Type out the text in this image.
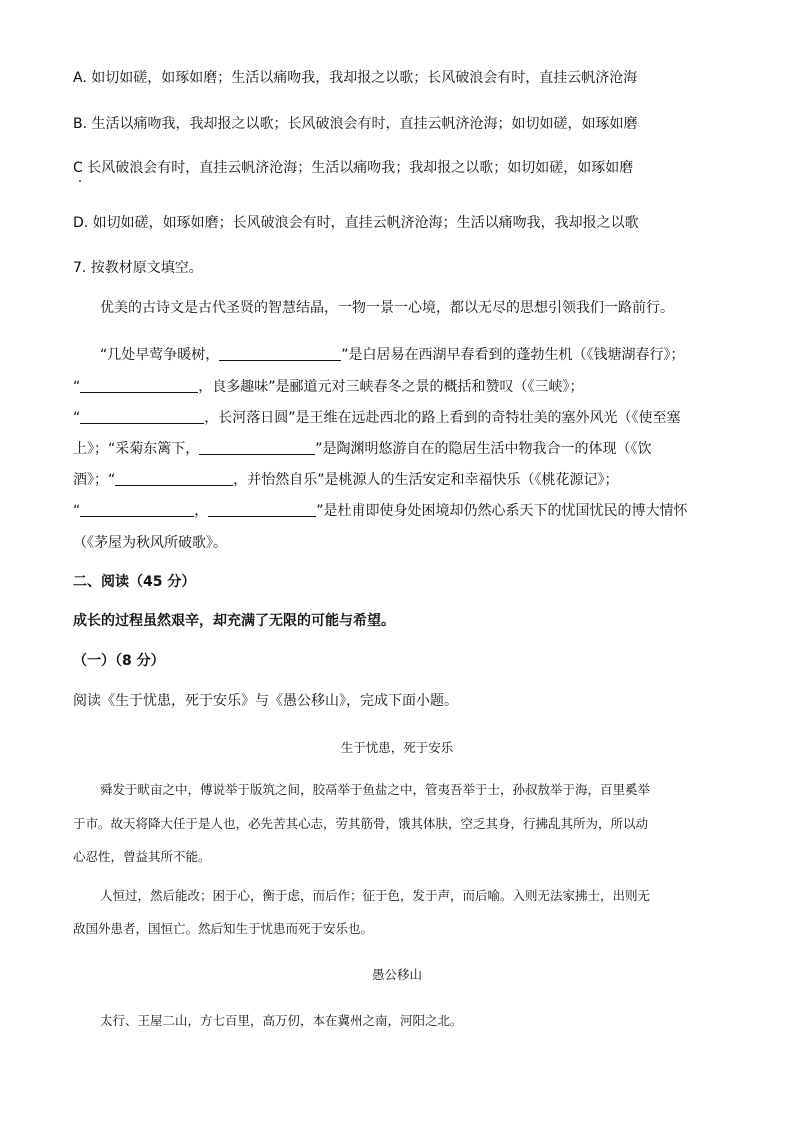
A. 如切如磋，如琢如磨；生活以痛吻我，我却报之以歌；长风破浪会有时，直挂云帆济沧海
B. 生活以痛吻我，我却报之以歌；长风破浪会有时，直挂云帆济沧海；如切如磋，如琢如磨
C 长风破浪会有时，直挂云帆济沧海；生活以痛吻我；我却报之以歌；如切如磋，如琢如磨
D. 如切如磋，如琢如磨；长风破浪会有时，直挂云帆济沧海；生活以痛吻我，我却报之以歌
7. 按教材原文填空。
优美的古诗文是古代圣贤的智慧结晶，一物一景一心境，都以无尽的思想引领我们一路前行。
“几处早莺争暖树，	”是白居易在西湖早春看到的蓬勃生机（《钱塘湖春行》；
“	，良多趣味”是郦道元对三峡春冬之景的概括和赞叹（《三峡》；
“	，长河落日圆”是王维在远赴西北的路上看到的奇特壮美的塞外风光（《使至塞
上》；“采菊东篱下，	”是陶渊明悠游自在的隐居生活中物我合一的体现（《饮
酒》；“	，并怡然自乐”是桃源人的生活安定和幸福快乐（《桃花源记》；
“	，	”是杜甫即使身处困境却仍然心系天下的忧国忧民的博大情怀
（《茅屋为秋风所破歌》。
二、阅读（45 分）
成长的过程虽然艰辛，却充满了无限的可能与希望。
（一）（8 分）
阅读《生于忧患，死于安乐》与《愚公移山》，完成下面小题。
生于忧患，死于安乐
舜发于畎亩之中，傅说举于版筑之间，胶鬲举于鱼盐之中，管夷吾举于士，孙叔敖举于海，百里奚举
于市。故天将降大任于是人也，必先苦其心志，劳其筋骨，饿其体肤，空乏其身，行拂乱其所为，所以动
心忍性，曾益其所不能。
人恒过，然后能改；困于心，衡于虑，而后作；征于色，发于声，而后喻。入则无法家拂士，出则无
敌国外患者，国恒亡。然后知生于忧患而死于安乐也。
愚公移山
太行、王屋二山，方七百里，高万仞，本在冀州之南，河阳之北。
